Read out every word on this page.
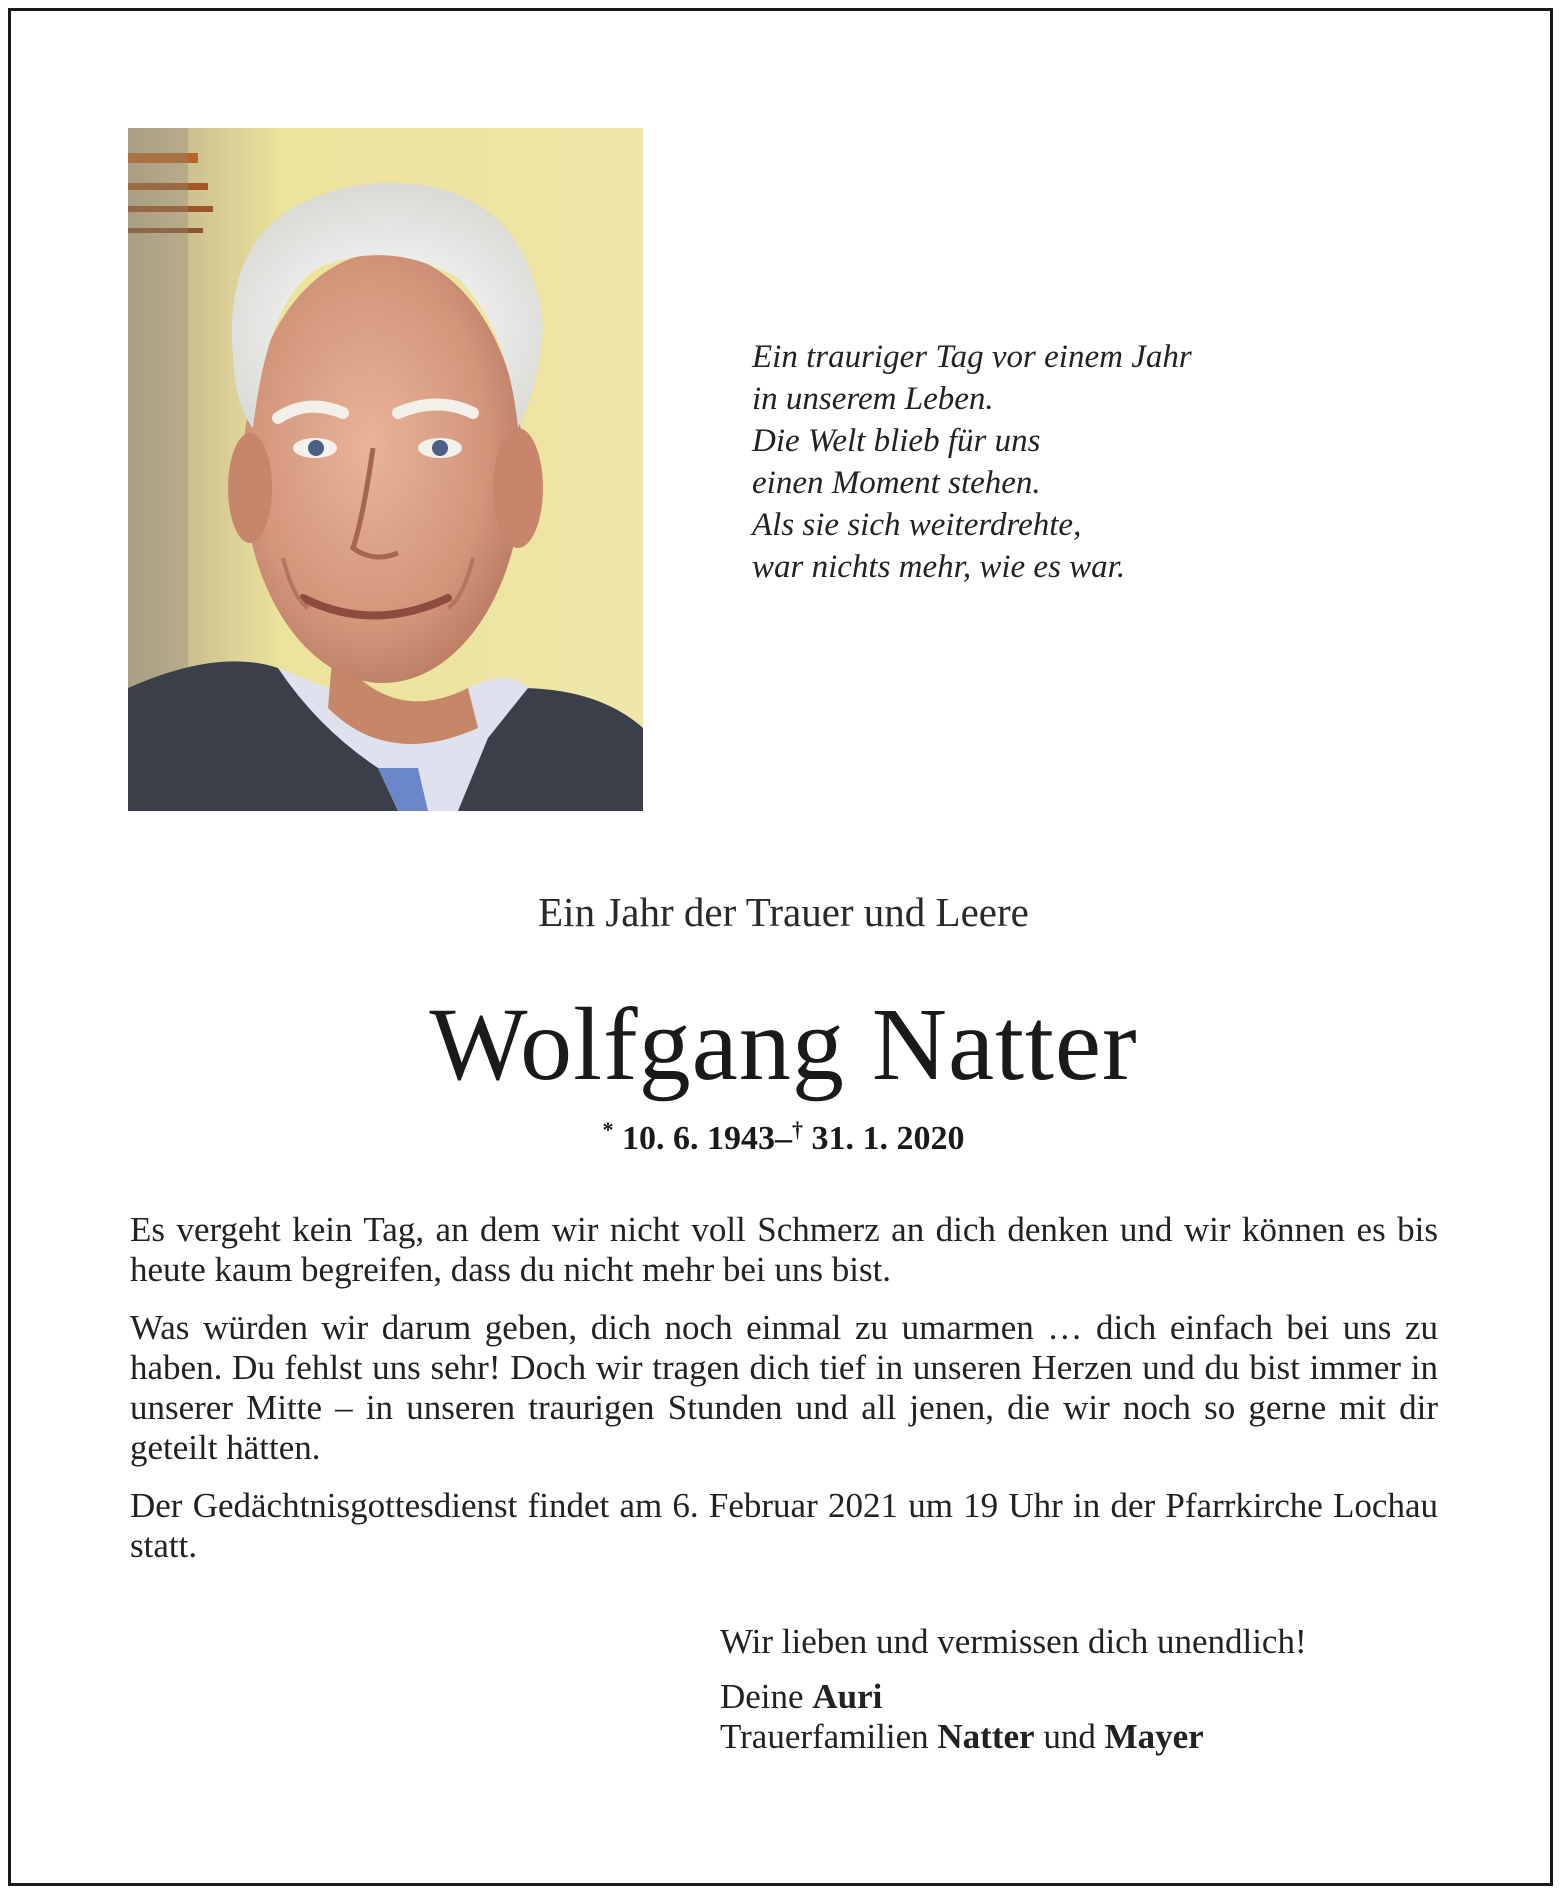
Ein trauriger Tag vor einem Jahr
in unserem Leben.
Die Welt blieb für uns
einen Moment stehen.
Als sie sich weiterdrehte,
war nichts mehr, wie es war.
Ein Jahr der Trauer und Leere
Wolfgang Natter
* 10. 6. 1943–† 31. 1. 2020

Es vergeht kein Tag, an dem wir nicht voll Schmerz an dich denken und wir können es bis heute kaum begreifen, dass du nicht mehr bei uns bist.

Was würden wir darum geben, dich noch einmal zu umarmen … dich einfach bei uns zu haben. Du fehlst uns sehr! Doch wir tragen dich tief in unseren Herzen und du bist immer in unserer Mitte – in unseren traurigen Stunden und all jenen, die wir noch so gerne mit dir geteilt hätten.

Der Gedächtnisgottesdienst findet am 6. Februar 2021 um 19 Uhr in der Pfarrkirche Lochau statt.

Wir lieben und vermissen dich unendlich!
Deine Auri
Trauerfamilien Natter und Mayer
